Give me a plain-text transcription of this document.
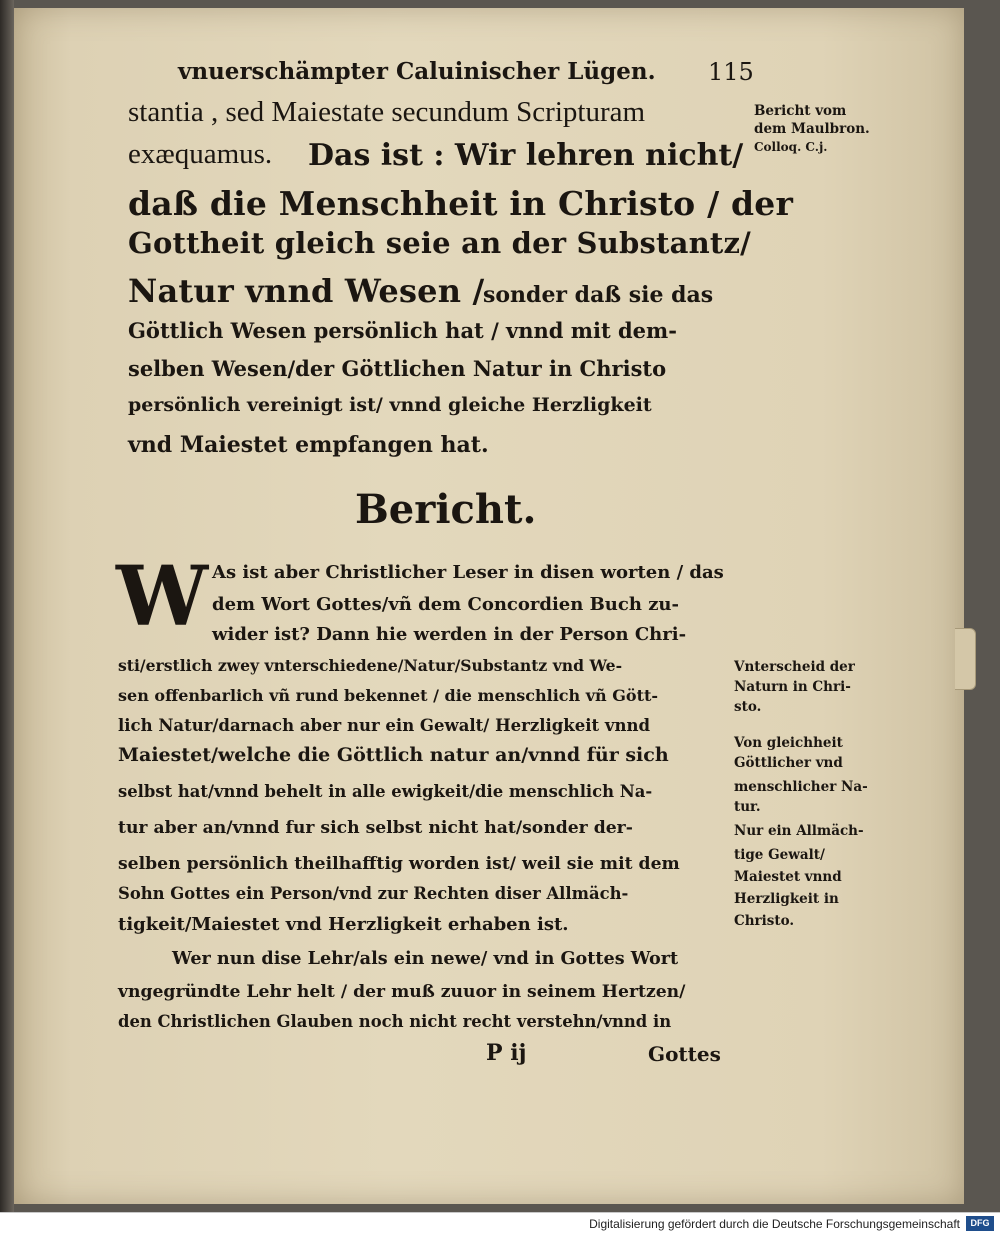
vnuerschämpter Caluinischer Lügen. 115
stantia , sed Maiestate secundum Scripturam
exæquamus. Das ist : Wir lehren nicht/
daß die Menschheit in Christo / der
Gottheit gleich seie an der Substantz/
Natur vnnd Wesen /
sonder daß sie das
Göttlich Wesen persönlich hat / vnnd mit dem-
selben Wesen/der Göttlichen Natur in Christo
persönlich vereinigt ist/ vnnd gleiche Herzligkeit
vnd Maiestet empfangen hat.
Bericht.
W As ist aber Christlicher Leser in disen worten / das
dem Wort Gottes/vñ dem Concordien Buch zu-
wider ist? Dann hie werden in der Person Chri-
sti/erstlich zwey vnterschiedene/Natur/Substantz vnd We-
sen offenbarlich vñ rund bekennet / die menschlich vñ Gött-
lich Natur/darnach aber nur ein Gewalt/ Herzligkeit vnnd
Maiestet/welche die Göttlich natur an/vnnd für sich
selbst hat/vnnd behelt in alle ewigkeit/die menschlich Na-
tur aber an/vnnd fur sich selbst nicht hat/sonder der-
selben persönlich theilhafftig worden ist/ weil sie mit dem
Sohn Gottes ein Person/vnd zur Rechten diser Allmäch-
tigkeit/Maiestet vnd Herzligkeit erhaben ist.
Wer nun dise Lehr/als ein newe/ vnd in Gottes Wort
vngegründte Lehr helt / der muß zuuor in seinem Hertzen/
den Christlichen Glauben noch nicht recht verstehn/vnnd in
P ij	Gottes
Bericht vom
dem Maulbron.
Colloq. C.j.
Vnterscheid der
Naturn in Chri-
sto.
Von gleichheit
Göttlicher vnd
menschlicher Na-
tur.
Nur ein Allmäch-
tige Gewalt/
Maiestet vnnd
Herzligkeit in
Christo.
Digitalisierung gefördert durch die Deutsche Forschungsgemeinschaft	DFG
